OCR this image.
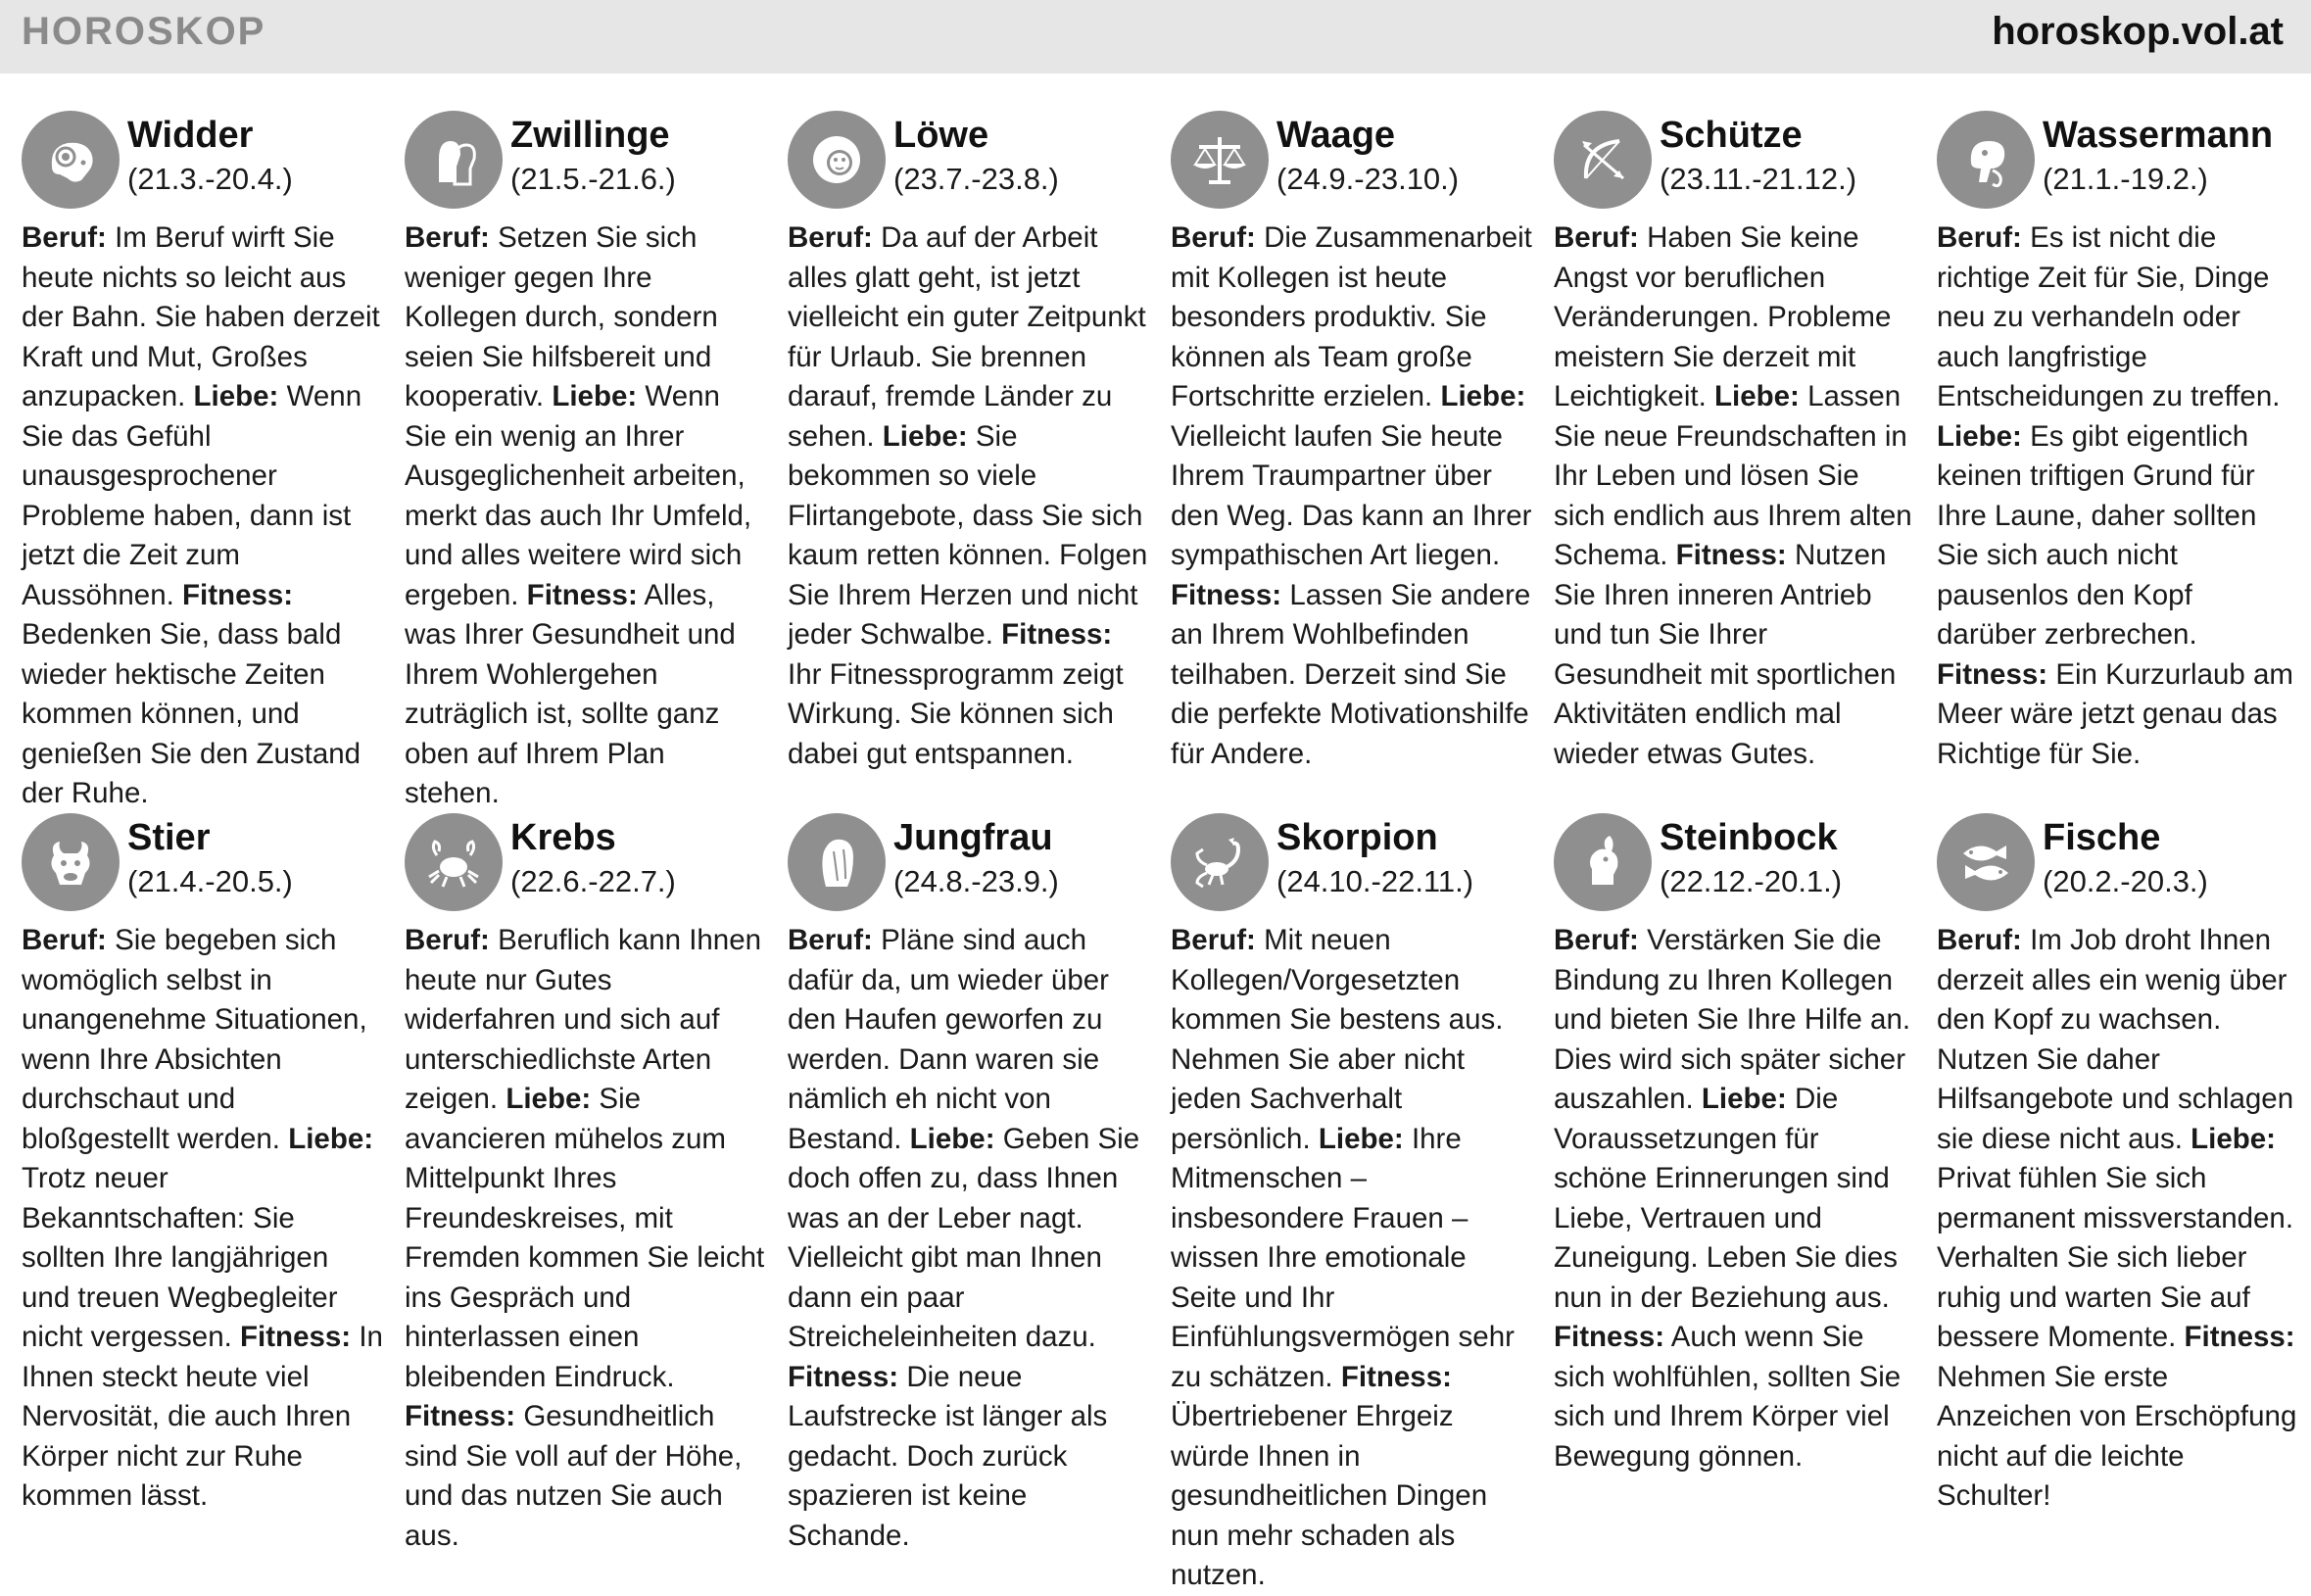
HOROSKOP	horoskop.vol.at
Widder
(21.3.-20.4.)
Beruf: Im Beruf wirft Sie heute nichts so leicht aus der Bahn. Sie haben derzeit Kraft und Mut, Großes anzupacken. Liebe: Wenn Sie das Gefühl unausgesprochener Probleme haben, dann ist jetzt die Zeit zum Aussöhnen. Fitness: Bedenken Sie, dass bald wieder hektische Zeiten kommen können, und genießen Sie den Zustand der Ruhe.
Zwillinge
(21.5.-21.6.)
Beruf: Setzen Sie sich weniger gegen Ihre Kollegen durch, sondern seien Sie hilfsbereit und kooperativ. Liebe: Wenn Sie ein wenig an Ihrer Ausgeglichenheit arbeiten, merkt das auch Ihr Umfeld, und alles weitere wird sich ergeben. Fitness: Alles, was Ihrer Gesundheit und Ihrem Wohlergehen zuträglich ist, sollte ganz oben auf Ihrem Plan stehen.
Löwe
(23.7.-23.8.)
Beruf: Da auf der Arbeit alles glatt geht, ist jetzt vielleicht ein guter Zeitpunkt für Urlaub. Sie brennen darauf, fremde Länder zu sehen. Liebe: Sie bekommen so viele Flirtangebote, dass Sie sich kaum retten können. Folgen Sie Ihrem Herzen und nicht jeder Schwalbe. Fitness: Ihr Fitnessprogramm zeigt Wirkung. Sie können sich dabei gut entspannen.
Waage
(24.9.-23.10.)
Beruf: Die Zusammenarbeit mit Kollegen ist heute besonders produktiv. Sie können als Team große Fortschritte erzielen. Liebe: Vielleicht laufen Sie heute Ihrem Traumpartner über den Weg. Das kann an Ihrer sympathischen Art liegen. Fitness: Lassen Sie andere an Ihrem Wohlbefinden teilhaben. Derzeit sind Sie die perfekte Motivationshilfe für Andere.
Schütze
(23.11.-21.12.)
Beruf: Haben Sie keine Angst vor beruflichen Veränderungen. Probleme meistern Sie derzeit mit Leichtigkeit. Liebe: Lassen Sie neue Freundschaften in Ihr Leben und lösen Sie sich endlich aus Ihrem alten Schema. Fitness: Nutzen Sie Ihren inneren Antrieb und tun Sie Ihrer Gesundheit mit sportlichen Aktivitäten endlich mal wieder etwas Gutes.
Wassermann
(21.1.-19.2.)
Beruf: Es ist nicht die richtige Zeit für Sie, Dinge neu zu verhandeln oder auch langfristige Entscheidungen zu treffen. Liebe: Es gibt eigentlich keinen triftigen Grund für Ihre Laune, daher sollten Sie sich auch nicht pausenlos den Kopf darüber zerbrechen. Fitness: Ein Kurzurlaub am Meer wäre jetzt genau das Richtige für Sie.
Stier
(21.4.-20.5.)
Beruf: Sie begeben sich womöglich selbst in unangenehme Situationen, wenn Ihre Absichten durchschaut und bloßgestellt werden. Liebe: Trotz neuer Bekanntschaften: Sie sollten Ihre langjährigen und treuen Wegbegleiter nicht vergessen. Fitness: In Ihnen steckt heute viel Nervosität, die auch Ihren Körper nicht zur Ruhe kommen lässt.
Krebs
(22.6.-22.7.)
Beruf: Beruflich kann Ihnen heute nur Gutes widerfahren und sich auf unterschiedlichste Arten zeigen. Liebe: Sie avancieren mühelos zum Mittelpunkt Ihres Freundeskreises, mit Fremden kommen Sie leicht ins Gespräch und hinterlassen einen bleibenden Eindruck. Fitness: Gesundheitlich sind Sie voll auf der Höhe, und das nutzen Sie auch aus.
Jungfrau
(24.8.-23.9.)
Beruf: Pläne sind auch dafür da, um wieder über den Haufen geworfen zu werden. Dann waren sie nämlich eh nicht von Bestand. Liebe: Geben Sie doch offen zu, dass Ihnen was an der Leber nagt. Vielleicht gibt man Ihnen dann ein paar Streicheleinheiten dazu. Fitness: Die neue Laufstrecke ist länger als gedacht. Doch zurück spazieren ist keine Schande.
Skorpion
(24.10.-22.11.)
Beruf: Mit neuen Kollegen/Vorgesetzten kommen Sie bestens aus. Nehmen Sie aber nicht jeden Sachverhalt persönlich. Liebe: Ihre Mitmenschen – insbesondere Frauen – wissen Ihre emotionale Seite und Ihr Einfühlungsvermögen sehr zu schätzen. Fitness: Übertriebener Ehrgeiz würde Ihnen in gesundheitlichen Dingen nun mehr schaden als nutzen.
Steinbock
(22.12.-20.1.)
Beruf: Verstärken Sie die Bindung zu Ihren Kollegen und bieten Sie Ihre Hilfe an. Dies wird sich später sicher auszahlen. Liebe: Die Voraussetzungen für schöne Erinnerungen sind Liebe, Vertrauen und Zuneigung. Leben Sie dies nun in der Beziehung aus. Fitness: Auch wenn Sie sich wohlfühlen, sollten Sie sich und Ihrem Körper viel Bewegung gönnen.
Fische
(20.2.-20.3.)
Beruf: Im Job droht Ihnen derzeit alles ein wenig über den Kopf zu wachsen. Nutzen Sie daher Hilfsangebote und schlagen sie diese nicht aus. Liebe: Privat fühlen Sie sich permanent missverstanden. Verhalten Sie sich lieber ruhig und warten Sie auf bessere Momente. Fitness: Nehmen Sie erste Anzeichen von Erschöpfung nicht auf die leichte Schulter!
